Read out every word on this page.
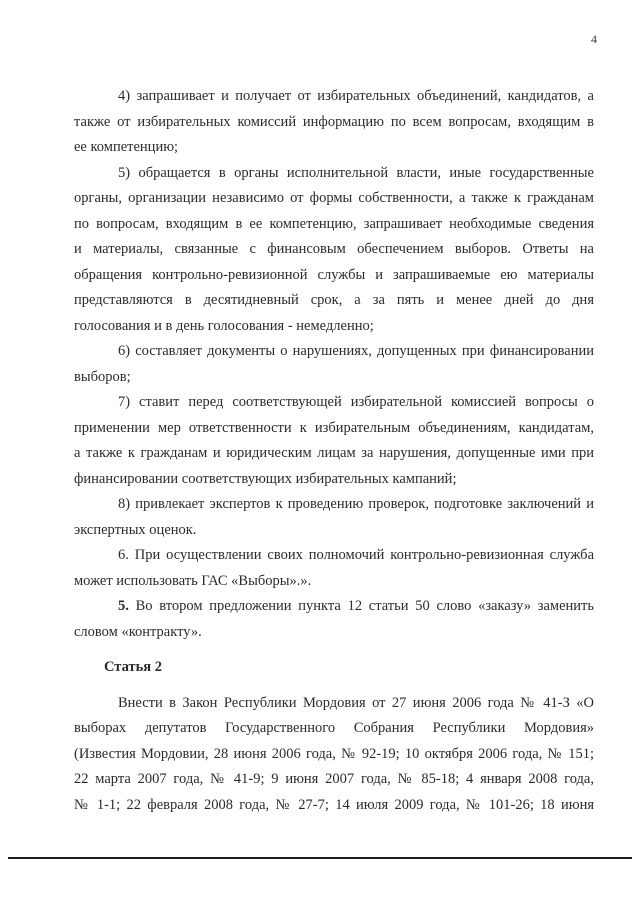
4
4) запрашивает и получает от избирательных объединений, кандидатов, а
также от избирательных комиссий информацию по всем вопросам, входящим в
ее компетенцию;
5) обращается в органы исполнительной власти, иные государственные
органы, организации независимо от формы собственности, а также к гражданам
по вопросам, входящим в ее компетенцию, запрашивает необходимые сведения
и материалы, связанные с финансовым обеспечением выборов. Ответы на
обращения контрольно-ревизионной службы и запрашиваемые ею материалы
представляются в десятидневный срок, а за пять и менее дней до дня
голосования и в день голосования - немедленно;
6) составляет документы о нарушениях, допущенных при финансировании
выборов;
7) ставит перед соответствующей избирательной комиссией вопросы о
применении мер ответственности к избирательным объединениям, кандидатам,
а также к гражданам и юридическим лицам за нарушения, допущенные ими при
финансировании соответствующих избирательных кампаний;
8) привлекает экспертов к проведению проверок, подготовке заключений и
экспертных оценок.
6. При осуществлении своих полномочий контрольно-ревизионная служба
может использовать ГАС «Выборы».».
5. Во втором предложении пункта 12 статьи 50 слово «заказу» заменить
словом «контракту».
Статья 2
Внести в Закон Республики Мордовия от 27 июня 2006 года № 41-З «О
выборах депутатов Государственного Собрания Республики Мордовия»
(Известия Мордовии, 28 июня 2006 года, № 92-19; 10 октября 2006 года, № 151;
22 марта 2007 года, № 41-9; 9 июня 2007 года, № 85-18; 4 января 2008 года,
№ 1-1; 22 февраля 2008 года, № 27-7; 14 июля 2009 года, № 101-26; 18 июня
